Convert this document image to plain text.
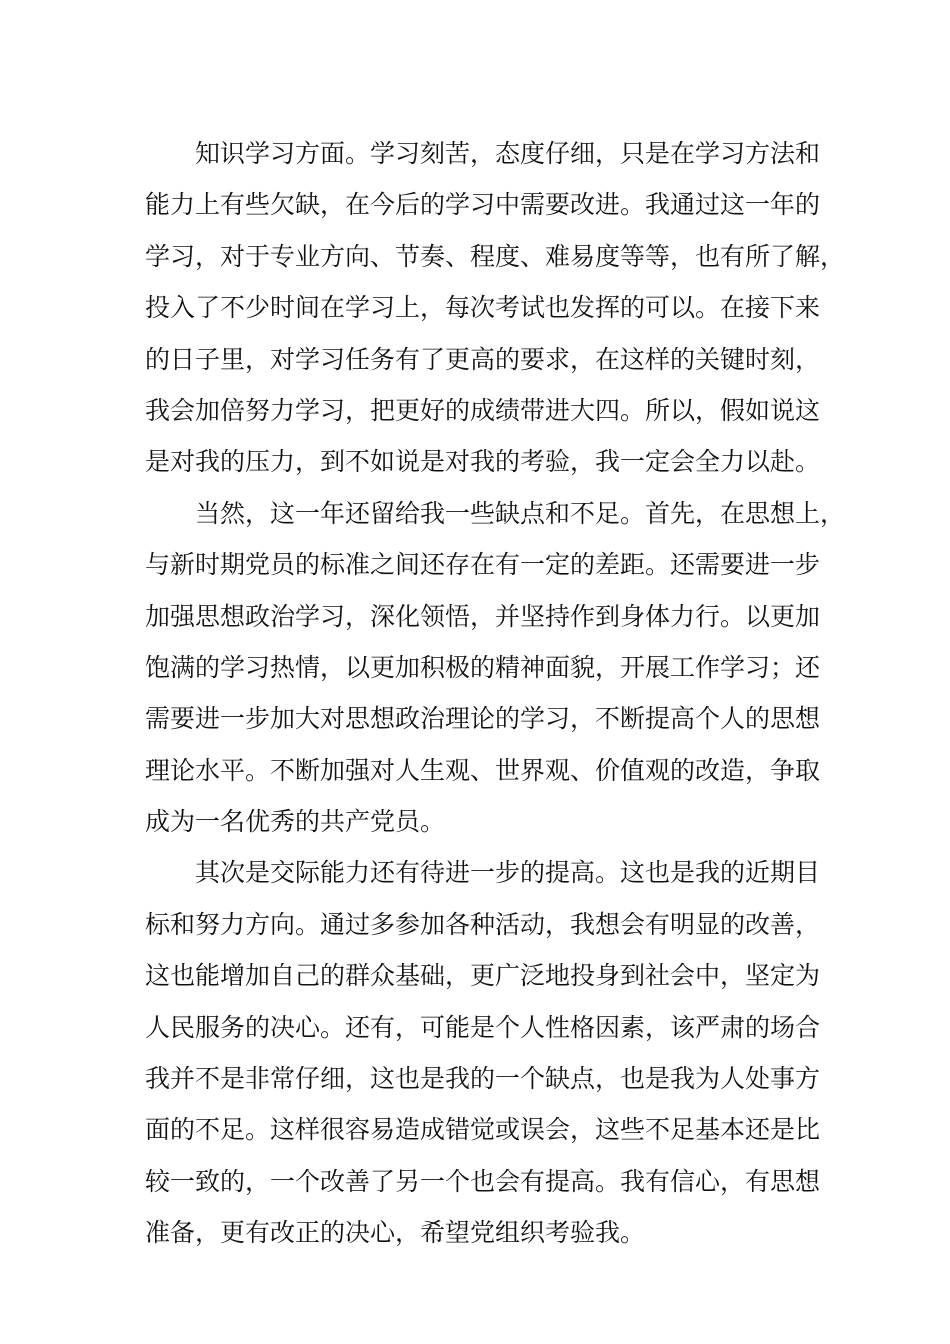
知识学习方面。学习刻苦，态度仔细，只是在学习方法和
能力上有些欠缺，在今后的学习中需要改进。我通过这一年的
学习，对于专业方向、节奏、程度、难易度等等，也有所了解，
投入了不少时间在学习上，每次考试也发挥的可以。在接下来
的日子里，对学习任务有了更高的要求，在这样的关键时刻，
我会加倍努力学习，把更好的成绩带进大四。所以，假如说这
是对我的压力，到不如说是对我的考验，我一定会全力以赴。
当然，这一年还留给我一些缺点和不足。首先，在思想上，
与新时期党员的标准之间还存在有一定的差距。还需要进一步
加强思想政治学习，深化领悟，并坚持作到身体力行。以更加
饱满的学习热情，以更加积极的精神面貌，开展工作学习；还
需要进一步加大对思想政治理论的学习，不断提高个人的思想
理论水平。不断加强对人生观、世界观、价值观的改造，争取
成为一名优秀的共产党员。
其次是交际能力还有待进一步的提高。这也是我的近期目
标和努力方向。通过多参加各种活动，我想会有明显的改善，
这也能增加自己的群众基础，更广泛地投身到社会中，坚定为
人民服务的决心。还有，可能是个人性格因素，该严肃的场合
我并不是非常仔细，这也是我的一个缺点，也是我为人处事方
面的不足。这样很容易造成错觉或误会，这些不足基本还是比
较一致的，一个改善了另一个也会有提高。我有信心，有思想
准备，更有改正的决心，希望党组织考验我。
